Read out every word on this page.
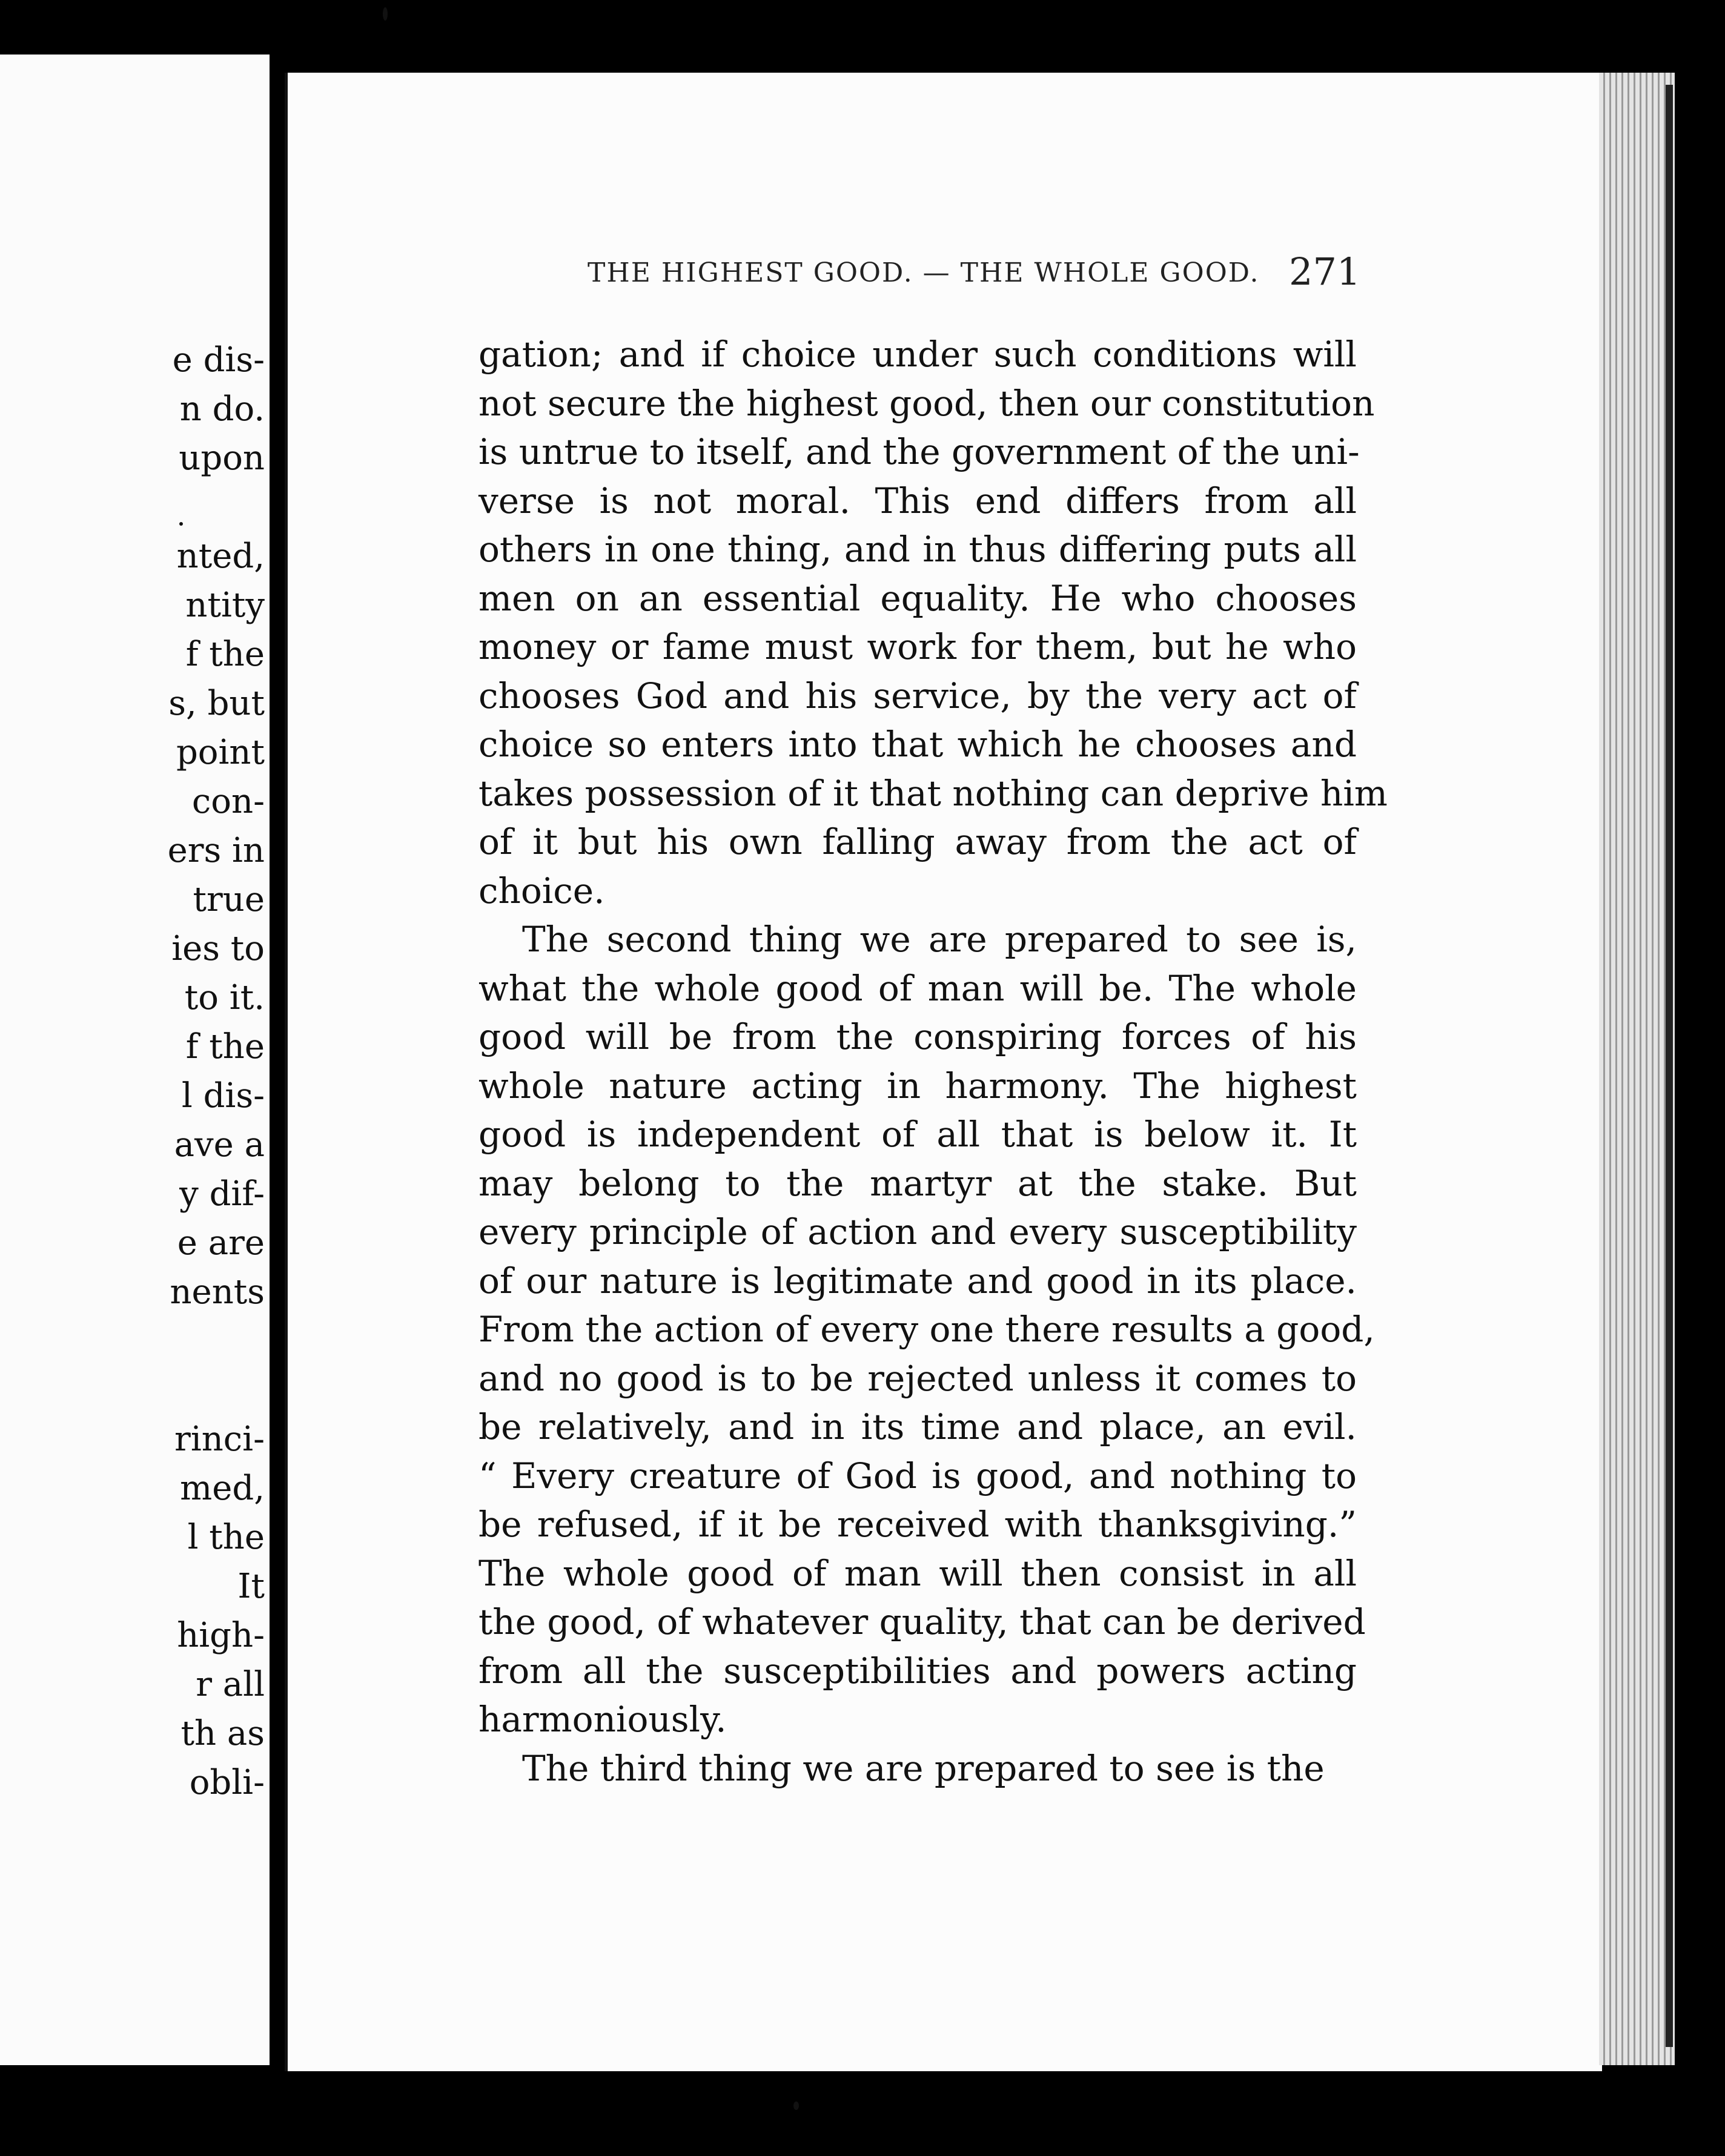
e dis-
n do.
upon
nted,
ntity
f the
s, but
point
con-
ers in
true
ies to
to it.
f the
l dis-
ave a
y dif-
e are
nents
rinci-
med,
l the
It
high-
r all
th as
obli-
THE HIGHEST GOOD. — THE WHOLE GOOD. 271
gation; and if choice under such conditions will
not secure the highest good, then our constitution
is untrue to itself, and the government of the uni-
verse is not moral. This end differs from all
others in one thing, and in thus differing puts all
men on an essential equality. He who chooses
money or fame must work for them, but he who
chooses God and his service, by the very act of
choice so enters into that which he chooses and
takes possession of it that nothing can deprive him
of it but his own falling away from the act of
choice.
The second thing we are prepared to see is,
what the whole good of man will be. The whole
good will be from the conspiring forces of his
whole nature acting in harmony. The highest
good is independent of all that is below it. It
may belong to the martyr at the stake. But
every principle of action and every susceptibility
of our nature is legitimate and good in its place.
From the action of every one there results a good,
and no good is to be rejected unless it comes to
be relatively, and in its time and place, an evil.
“ Every creature of God is good, and nothing to
be refused, if it be received with thanksgiving.”
The whole good of man will then consist in all
the good, of whatever quality, that can be derived
from all the susceptibilities and powers acting
harmoniously.
The third thing we are prepared to see is the
